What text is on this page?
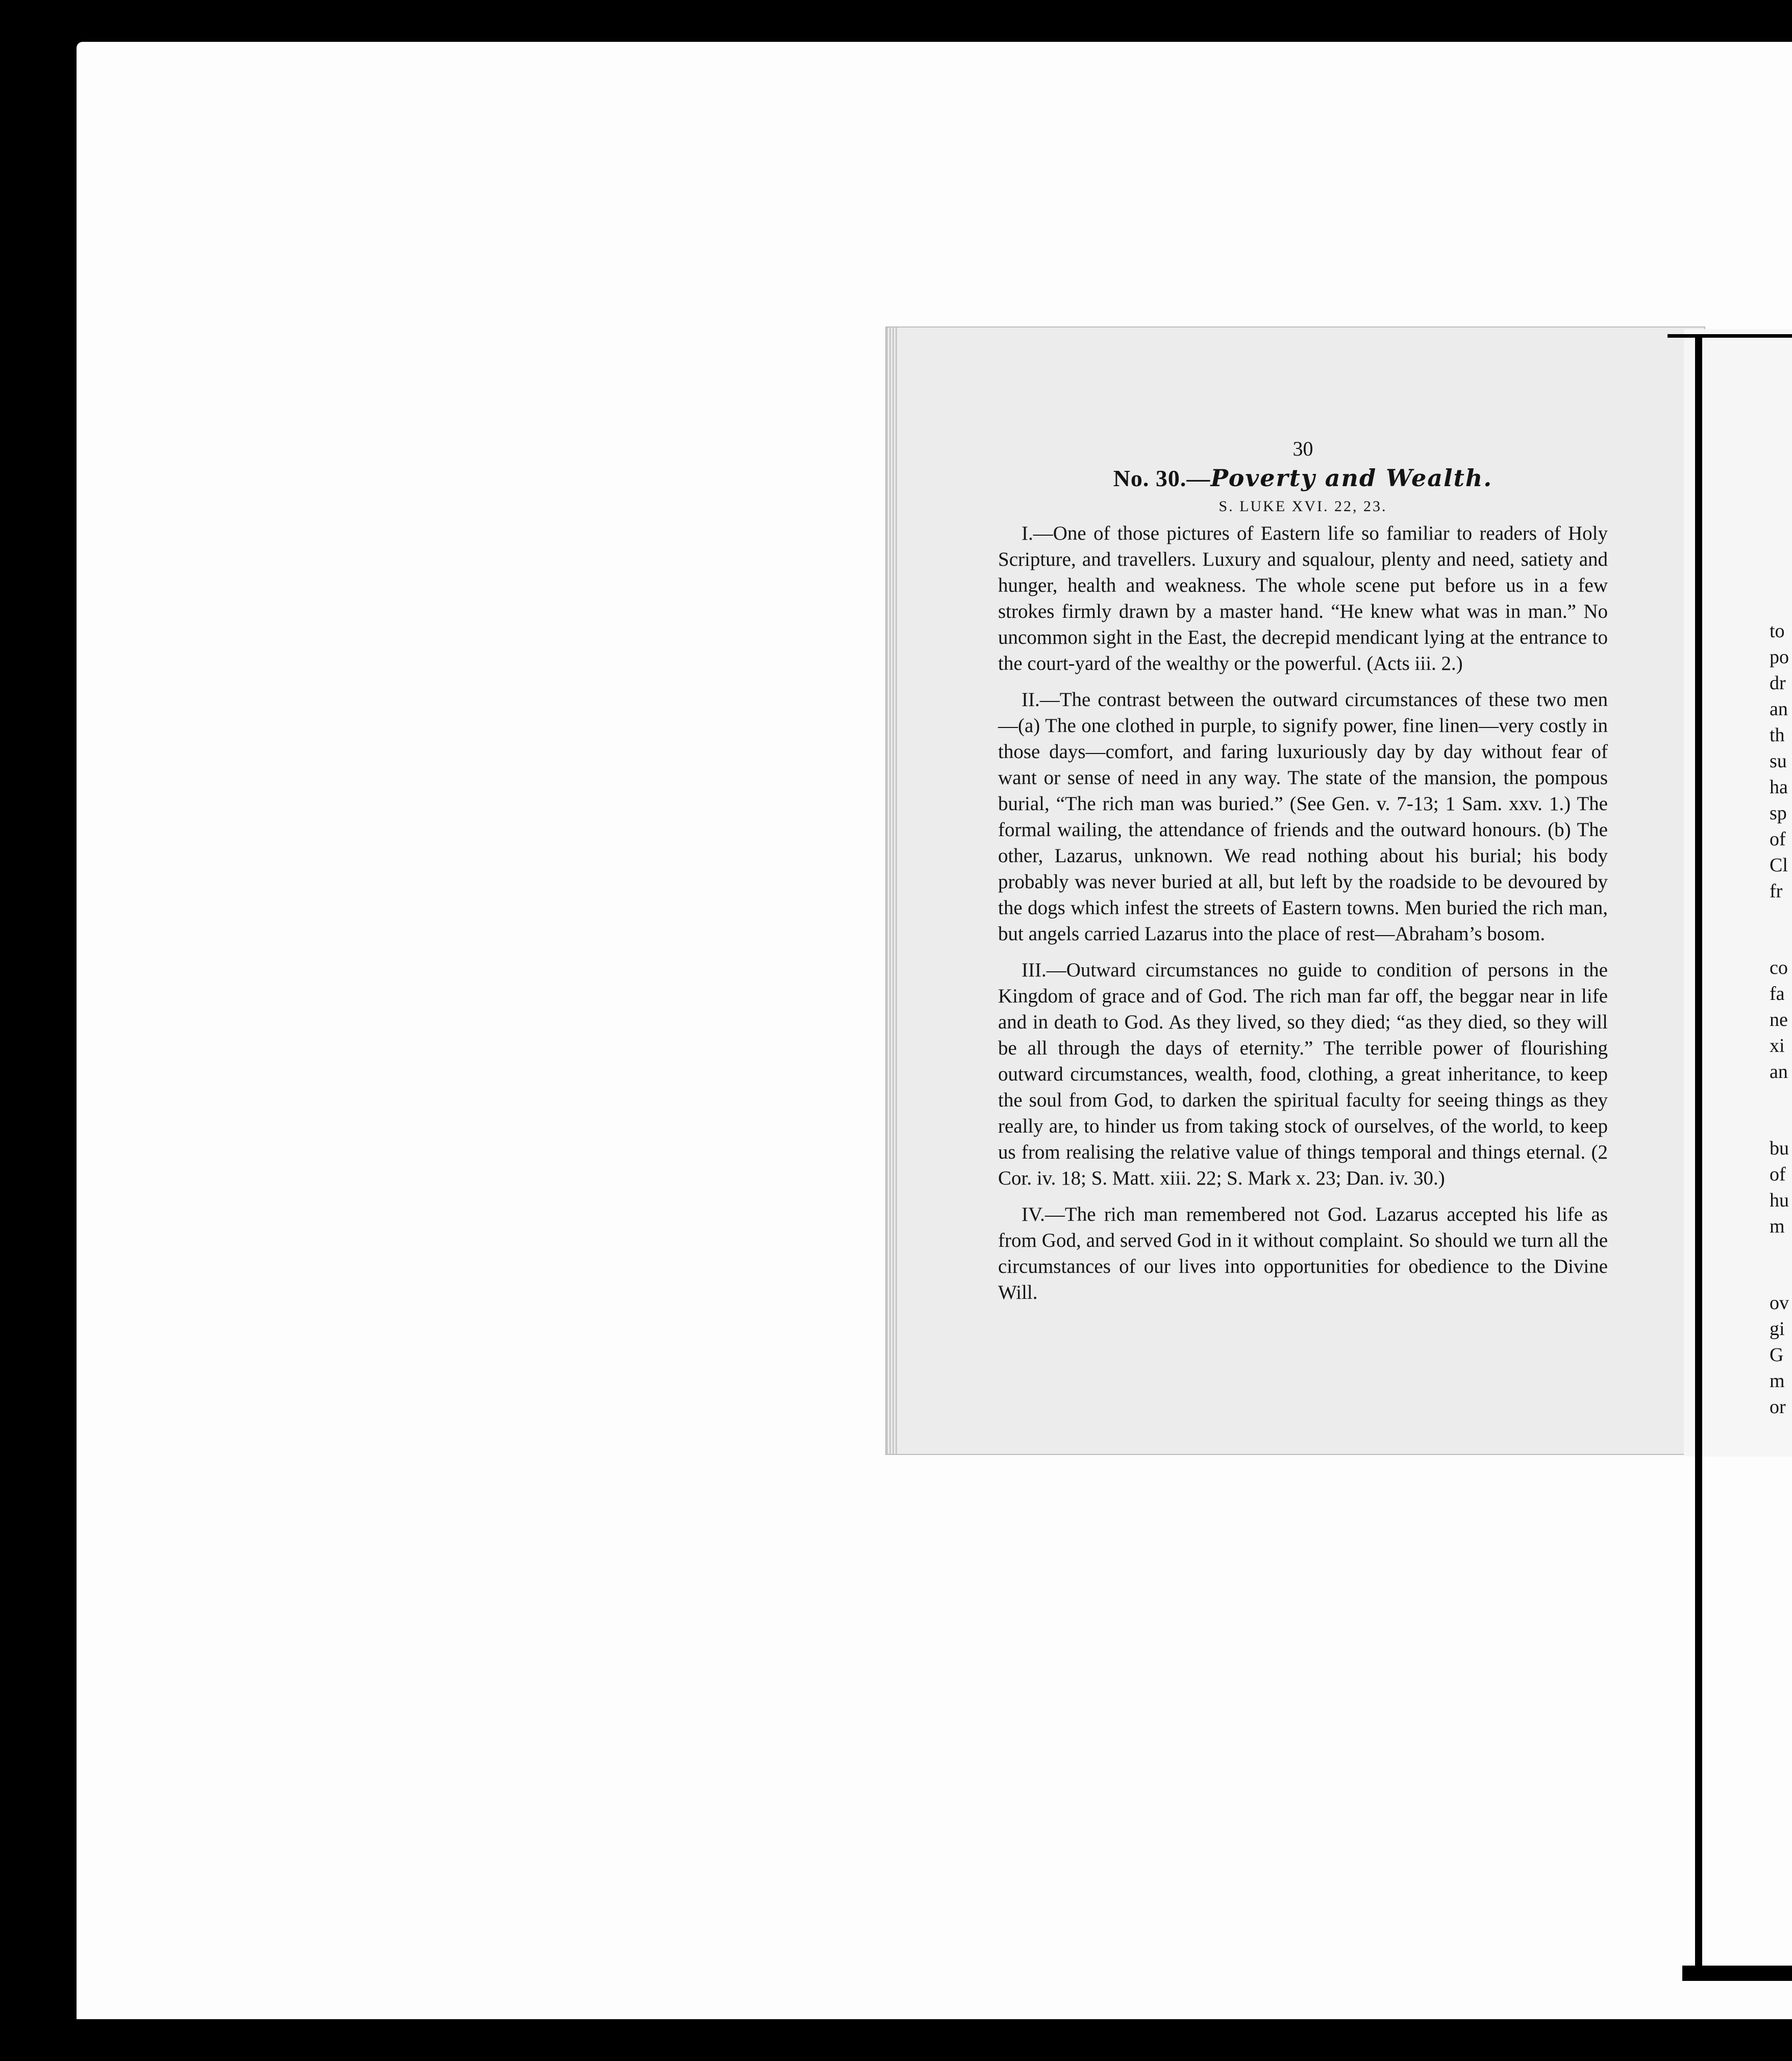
30
No. 30.—Poverty and Wealth.
S. LUKE XVI. 22, 23.

I.—One of those pictures of Eastern life so familiar to readers of Holy Scripture, and travellers. Luxury and squalour, plenty and need, satiety and hunger, health and weakness. The whole scene put before us in a few strokes firmly drawn by a master hand. “He knew what was in man.” No uncommon sight in the East, the decrepid mendicant lying at the entrance to the court-yard of the wealthy or the powerful. (Acts iii. 2.)

II.—The contrast between the outward circumstances of these two men—(a) The one clothed in purple, to signify power, fine linen—very costly in those days—comfort, and faring luxuriously day by day without fear of want or sense of need in any way. The state of the mansion, the pompous burial, “The rich man was buried.” (See Gen. v. 7-13; 1 Sam. xxv. 1.) The formal wailing, the attendance of friends and the outward honours. (b) The other, Lazarus, unknown. We read nothing about his burial; his body probably was never buried at all, but left by the roadside to be devoured by the dogs which infest the streets of Eastern towns. Men buried the rich man, but angels carried Lazarus into the place of rest—Abraham’s bosom.

III.—Outward circumstances no guide to condition of persons in the Kingdom of grace and of God. The rich man far off, the beggar near in life and in death to God. As they lived, so they died; “as they died, so they will be all through the days of eternity.” The terrible power of flourishing outward circumstances, wealth, food, clothing, a great inheritance, to keep the soul from God, to darken the spiritual faculty for seeing things as they really are, to hinder us from taking stock of ourselves, of the world, to keep us from realising the relative value of things temporal and things eternal. (2 Cor. iv. 18; S. Matt. xiii. 22; S. Mark x. 23; Dan. iv. 30.)

IV.—The rich man remembered not God. Lazarus accepted his life as from God, and served God in it without complaint. So should we turn all the circumstances of our lives into opportunities for obedience to the Divine Will.

to
po
dr
an
th
su
ha
sp
of
Cl
fr
co
fa
ne
xi
an
bu
of
hu
m
ov
gi
G
m
or
